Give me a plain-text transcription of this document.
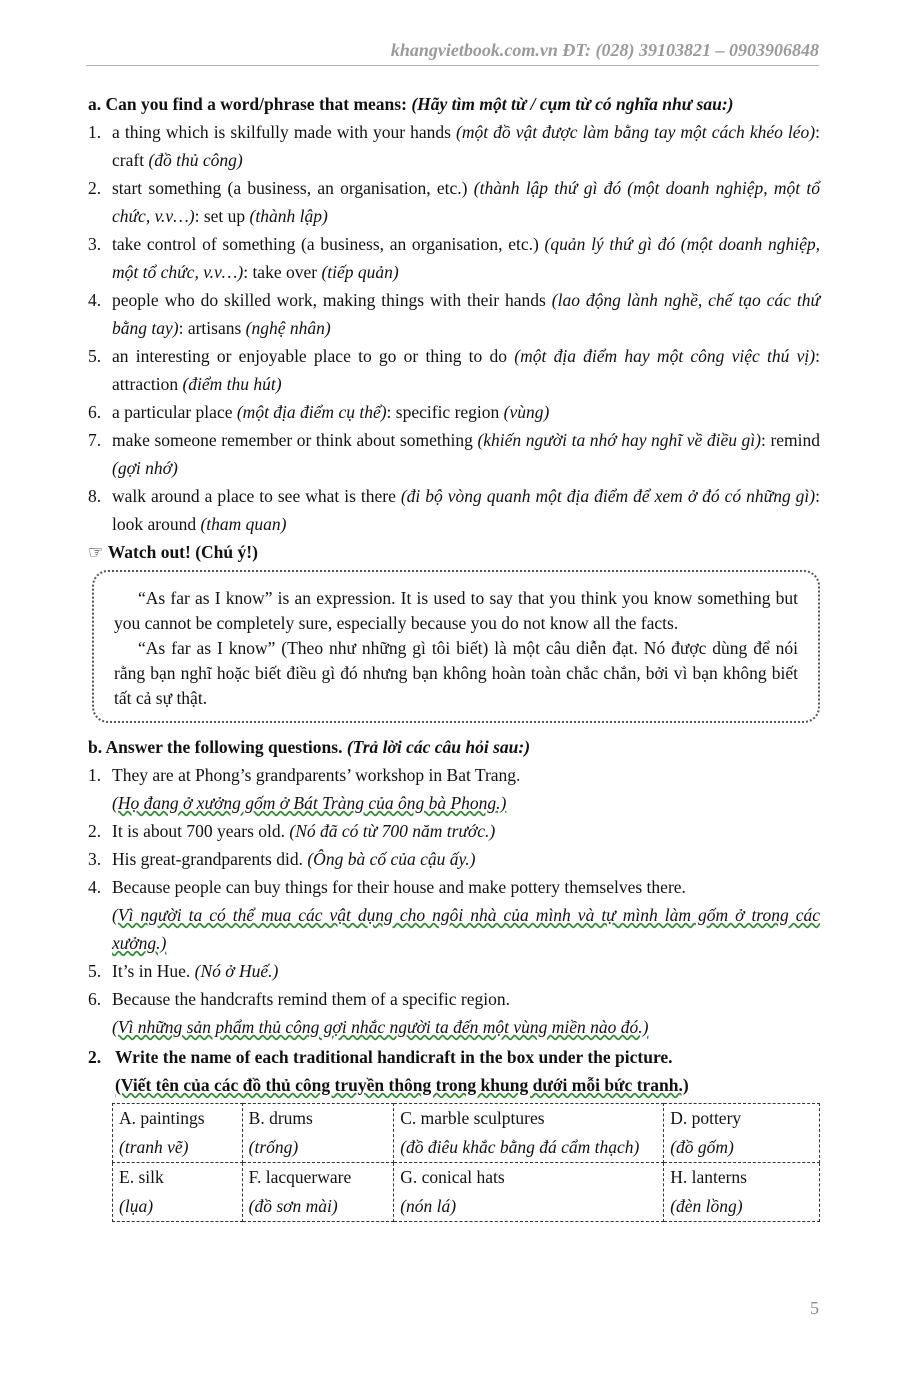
khangvietbook.com.vn ĐT: (028) 39103821 – 0903906848
a. Can you find a word/phrase that means: (Hãy tìm một từ / cụm từ có nghĩa như sau:)
1. a thing which is skilfully made with your hands (một đồ vật được làm bằng tay một cách khéo léo): craft (đồ thủ công)
2. start something (a business, an organisation, etc.) (thành lập thứ gì đó (một doanh nghiệp, một tổ chức, v.v…): set up (thành lập)
3. take control of something (a business, an organisation, etc.) (quản lý thứ gì đó (một doanh nghiệp, một tổ chức, v.v…): take over (tiếp quản)
4. people who do skilled work, making things with their hands (lao động lành nghề, chế tạo các thứ bằng tay): artisans (nghệ nhân)
5. an interesting or enjoyable place to go or thing to do (một địa điểm hay một công việc thú vị): attraction (điểm thu hút)
6. a particular place (một địa điểm cụ thể): specific region (vùng)
7. make someone remember or think about something (khiến người ta nhớ hay nghĩ về điều gì): remind (gợi nhớ)
8. walk around a place to see what is there (đi bộ vòng quanh một địa điểm để xem ở đó có những gì): look around (tham quan)
☞ Watch out! (Chú ý!)

“As far as I know” is an expression. It is used to say that you think you know something but you cannot be completely sure, especially because you do not know all the facts.

“As far as I know” (Theo như những gì tôi biết) là một câu diễn đạt. Nó được dùng để nói rằng bạn nghĩ hoặc biết điều gì đó nhưng bạn không hoàn toàn chắc chắn, bởi vì bạn không biết tất cả sự thật.

b. Answer the following questions. (Trả lời các câu hỏi sau:)
1. They are at Phong’s grandparents’ workshop in Bat Trang.
(Họ đang ở xưởng gốm ở Bát Tràng của ông bà Phong.)
2. It is about 700 years old. (Nó đã có từ 700 năm trước.)
3. His great-grandparents did. (Ông bà cố của cậu ấy.)
4. Because people can buy things for their house and make pottery themselves there.
(Vì người ta có thể mua các vật dụng cho ngôi nhà của mình và tự mình làm gốm ở trong các xưởng.)
5. It’s in Hue. (Nó ở Huế.)
6. Because the handcrafts remind them of a specific region.
(Vì những sản phẩm thủ công gợi nhắc người ta đến một vùng miền nào đó.)
2. Write the name of each traditional handicraft in the box under the picture.
(Viết tên của các đồ thủ công truyền thông trong khung dưới mỗi bức tranh.)
A. paintings
(tranh vẽ)	B. drums
(trống)	C. marble sculptures
(đồ điêu khắc bằng đá cẩm thạch)	D. pottery
(đồ gốm)

E. silk
(lụa)	F. lacquerware
(đồ sơn mài)	G. conical hats
(nón lá)	H. lanterns
(đèn lồng)
5
